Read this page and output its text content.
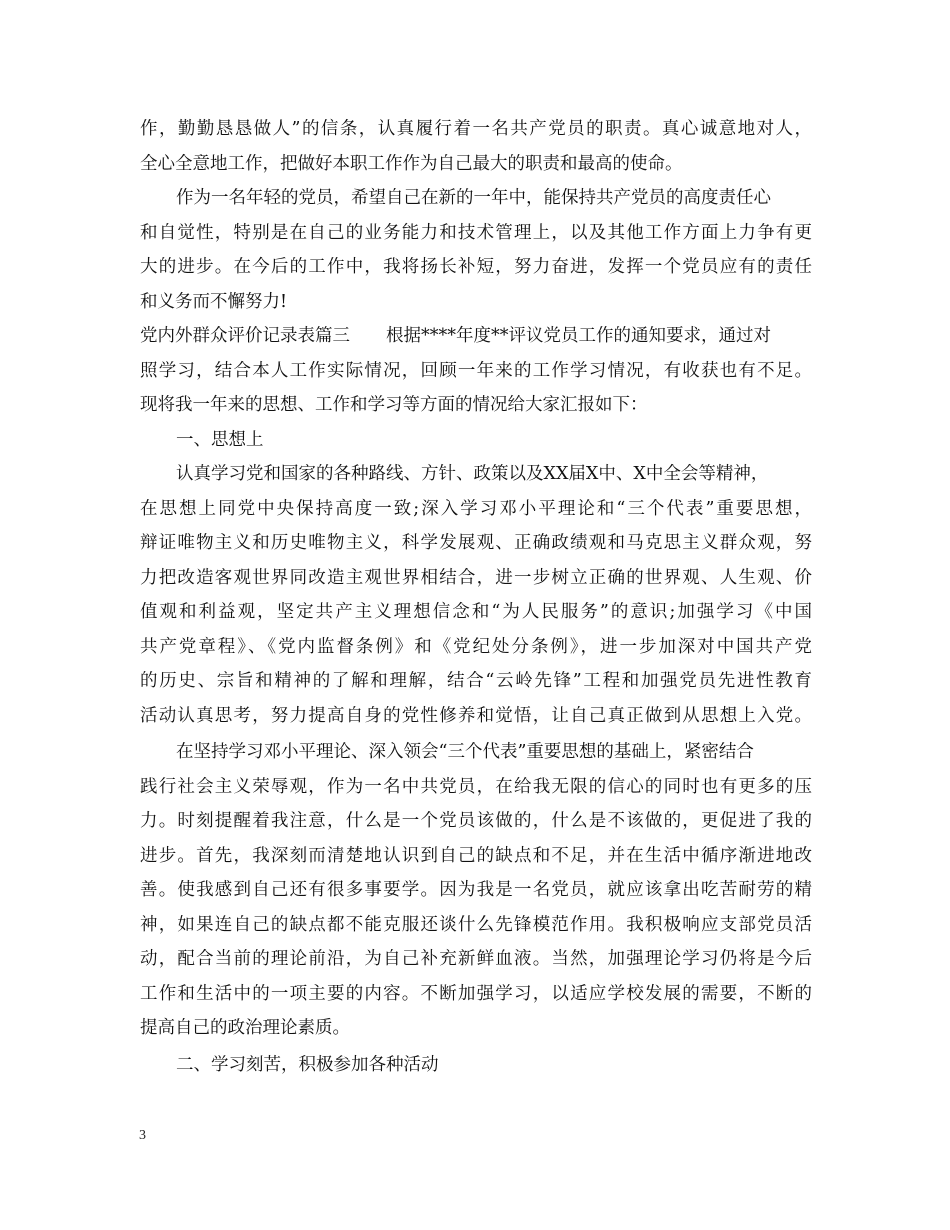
作，勤勤恳恳做人”的信条，认真履行着一名共产党员的职责。真心诚意地对人，
全心全意地工作，把做好本职工作作为自己最大的职责和最高的使命。
作为一名年轻的党员，希望自己在新的一年中，能保持共产党员的高度责任心
和自觉性，特别是在自己的业务能力和技术管理上，以及其他工作方面上力争有更
大的进步。在今后的工作中，我将扬长补短，努力奋进，发挥一个党员应有的责任
和义务而不懈努力!
党内外群众评价记录表篇三 根据****年度**评议党员工作的通知要求，通过对
照学习，结合本人工作实际情况，回顾一年来的工作学习情况，有收获也有不足。
现将我一年来的思想、工作和学习等方面的情况给大家汇报如下：
一、思想上
认真学习党和国家的各种路线、方针、政策以及XX届X中、X中全会等精神，
在思想上同党中央保持高度一致;深入学习邓小平理论和“三个代表”重要思想，
辩证唯物主义和历史唯物主义，科学发展观、正确政绩观和马克思主义群众观，努
力把改造客观世界同改造主观世界相结合，进一步树立正确的世界观、人生观、价
值观和利益观，坚定共产主义理想信念和“为人民服务”的意识;加强学习《中国
共产党章程》、《党内监督条例》和《党纪处分条例》，进一步加深对中国共产党
的历史、宗旨和精神的了解和理解，结合“云岭先锋”工程和加强党员先进性教育
活动认真思考，努力提高自身的党性修养和觉悟，让自己真正做到从思想上入党。
在坚持学习邓小平理论、深入领会“三个代表”重要思想的基础上，紧密结合
践行社会主义荣辱观，作为一名中共党员，在给我无限的信心的同时也有更多的压
力。时刻提醒着我注意，什么是一个党员该做的，什么是不该做的，更促进了我的
进步。首先，我深刻而清楚地认识到自己的缺点和不足，并在生活中循序渐进地改
善。使我感到自己还有很多事要学。因为我是一名党员，就应该拿出吃苦耐劳的精
神，如果连自己的缺点都不能克服还谈什么先锋模范作用。我积极响应支部党员活
动，配合当前的理论前沿，为自己补充新鲜血液。当然，加强理论学习仍将是今后
工作和生活中的一项主要的内容。不断加强学习，以适应学校发展的需要，不断的
提高自己的政治理论素质。
二、学习刻苦，积极参加各种活动
3
